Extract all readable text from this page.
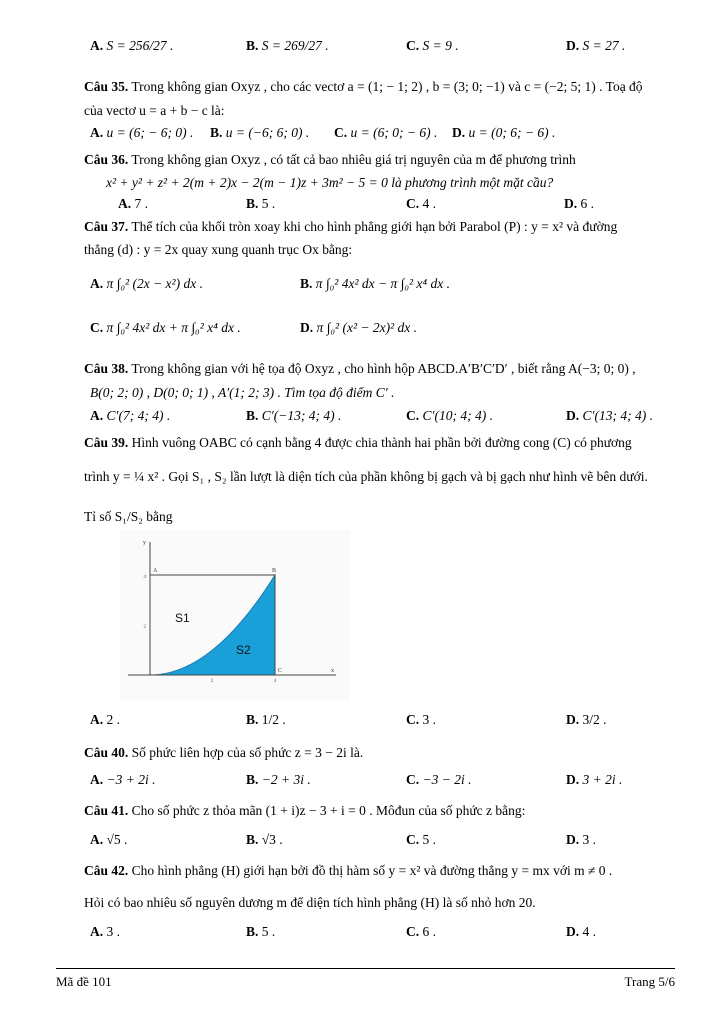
A. S = 256/27 .	B. S = 269/27 .	C. S = 9 .	D. S = 27 .
Câu 35. Trong không gian Oxyz , cho các vectơ a = (1; − 1; 2) , b = (3; 0; −1) và c = (−2; 5; 1) . Toạ độ
của vectơ u = a + b − c là:
A. u = (6; − 6; 0) . B. u = (−6; 6; 0) . C. u = (6; 0; − 6) . D. u = (0; 6; − 6) .
Câu 36. Trong không gian Oxyz , có tất cả bao nhiêu giá trị nguyên của m để phương trình
x² + y² + z² + 2(m + 2)x − 2(m − 1)z + 3m² − 5 = 0 là phương trình một mặt cầu?
A. 7 .	B. 5 .	C. 4 .	D. 6 .
Câu 37. Thể tích của khối tròn xoay khi cho hình phẳng giới hạn bởi Parabol (P) : y = x² và đường
thẳng (d) : y = 2x quay xung quanh trục Ox bằng:
A. π ∫₀² (2x − x²) dx .	B. π ∫₀² 4x² dx − π ∫₀² x⁴ dx .
C. π ∫₀² 4x² dx + π ∫₀² x⁴ dx .	D. π ∫₀² (x² − 2x)² dx .
Câu 38. Trong không gian với hệ tọa độ Oxyz , cho hình hộp ABCD.A′B′C′D′ , biết rằng A(−3; 0; 0) ,
B(0; 2; 0) , D(0; 0; 1) , A′(1; 2; 3) . Tìm tọa độ điểm C′ .
A. C′(7; 4; 4) .	B. C′(−13; 4; 4) .	C. C′(10; 4; 4) .	D. C′(13; 4; 4) .
Câu 39. Hình vuông OABC có cạnh bằng 4 được chia thành hai phần bởi đường cong (C) có phương
trình y = ¼ x² . Gọi S₁ , S₂ lần lượt là diện tích của phần không bị gạch và bị gạch như hình vẽ bên dưới.
Tỉ số S₁/S₂ bằng
y
x
4
2
2	4
A	B
C
S1
S2
A. 2 .	B. 1/2 .	C. 3 .	D. 3/2 .
Câu 40. Số phức liên hợp của số phức z = 3 − 2i là.
A. −3 + 2i .	B. −2 + 3i .	C. −3 − 2i .	D. 3 + 2i .
Câu 41. Cho số phức z thỏa mãn (1 + i)z − 3 + i = 0 . Môđun của số phức z bằng:
A. √5 .	B. √3 .	C. 5 .	D. 3 .
Câu 42. Cho hình phẳng (H) giới hạn bởi đồ thị hàm số y = x² và đường thẳng y = mx với m ≠ 0 .
Hỏi có bao nhiêu số nguyên dương m để diện tích hình phẳng (H) là số nhỏ hơn 20.
A. 3 .	B. 5 .	C. 6 .	D. 4 .
Mã đề 101	Trang 5/6
